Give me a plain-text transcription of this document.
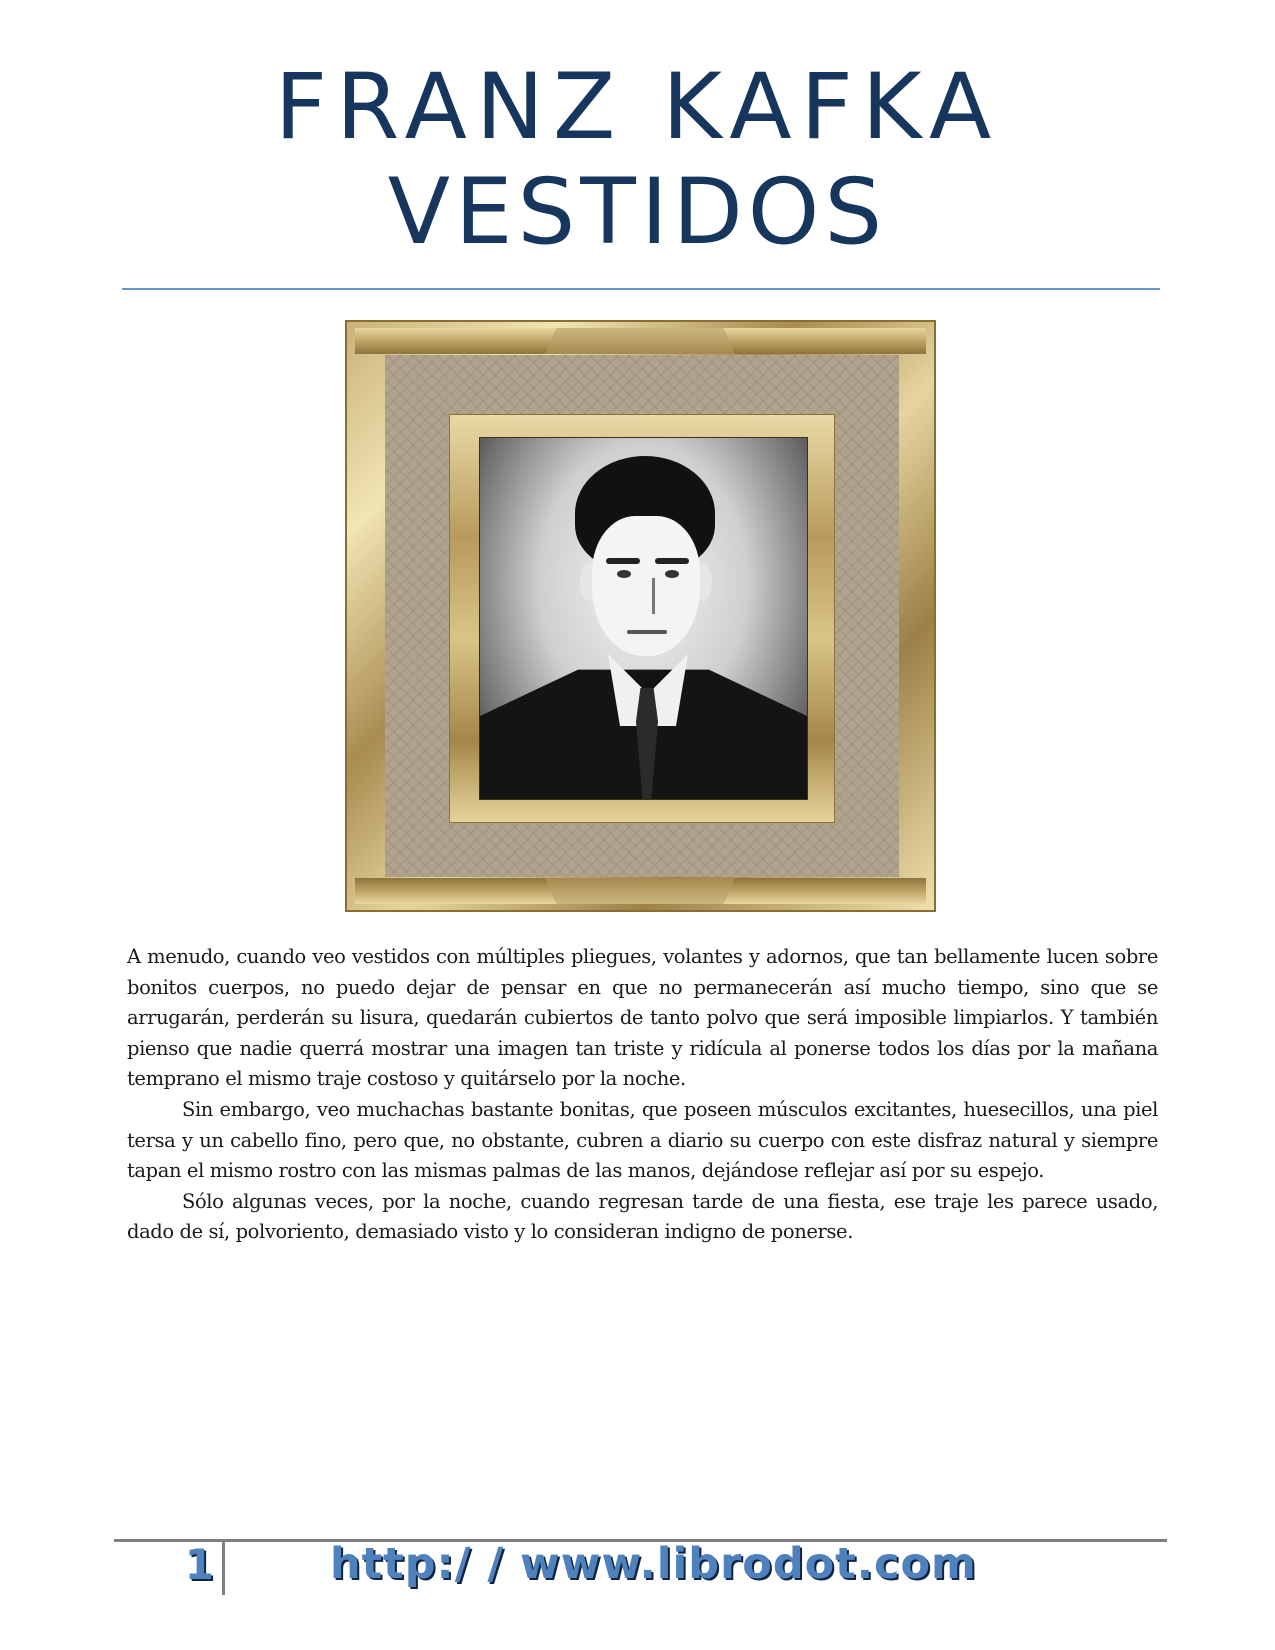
FRANZ KAFKA
VESTIDOS

A menudo, cuando veo vestidos con múltiples pliegues, volantes y adornos, que tan bellamente lucen sobre bonitos cuerpos, no puedo dejar de pensar en que no permanecerán así mucho tiempo, sino que se arrugarán, perderán su lisura, quedarán cubiertos de tanto polvo que será imposible limpiarlos. Y también pienso que nadie querrá mostrar una imagen tan triste y ridícula al ponerse todos los días por la mañana temprano el mismo traje costoso y quitárselo por la noche.

Sin embargo, veo muchachas bastante bonitas, que poseen músculos excitantes, huesecillos, una piel tersa y un cabello fino, pero que, no obstante, cubren a diario su cuerpo con este disfraz natural y siempre tapan el mismo rostro con las mismas palmas de las manos, dejándose reflejar así por su espejo.

Sólo algunas veces, por la noche, cuando regresan tarde de una fiesta, ese traje les parece usado, dado de sí, polvoriento, demasiado visto y lo consideran indigno de ponerse.

1	http:/ / www.librodot.com
